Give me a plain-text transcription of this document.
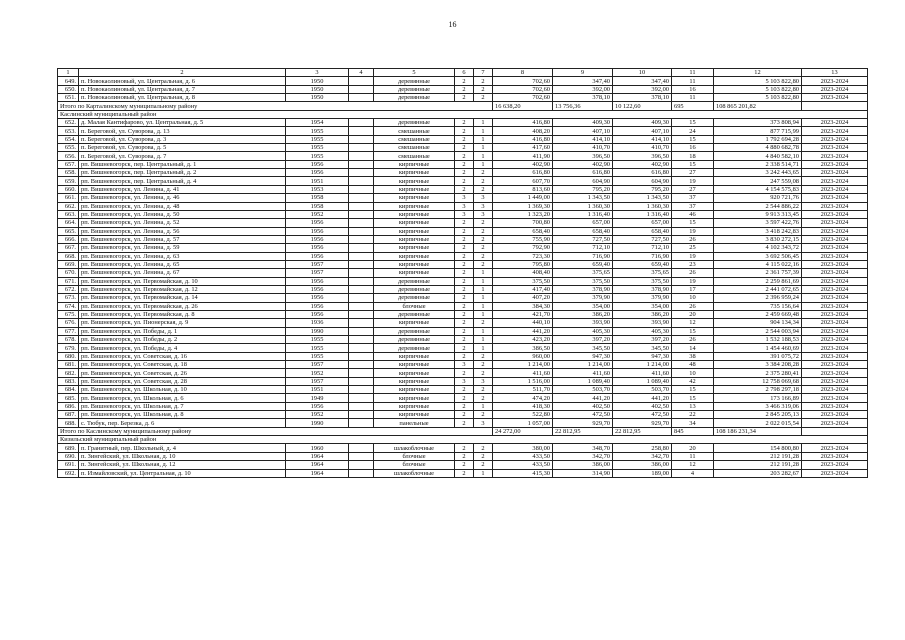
16
1	2	3	4	5	6	7	8	9	10	11	12	13
649.	п. Новокаолиновый, ул. Центральная, д. 6	1950		деревянные	2	2	702,60	347,40	347,40	11	5 103 822,80	2023-2024
650.	п. Новокаолиновый, ул. Центральная, д. 7	1950		деревянные	2	2	702,60	392,00	392,00	16	5 103 822,80	2023-2024
651.	п. Новокаолиновый, ул. Центральная, д. 8	1950		деревянные	2	2	702,60	378,10	378,10	11	5 103 822,80	2023-2024
Итого по Карталинскому муниципальному району							16 638,20	13 756,36	10 122,60	695	108 865 201,82	
Каслинский муниципальный район												
652.	д. Малая Кантифарово, ул. Центральная, д. 5	1954		деревянные	2	1	416,80	409,30	409,30	15	373 808,94	2023-2024
653.	п. Береговой, ул. Суворова, д. 13	1955		смешанные	2	1	408,20	407,10	407,10	24	877 715,99	2023-2024
654.	п. Береговой, ул. Суворова, д. 3	1955		смешанные	2	1	416,80	414,10	414,10	15	1 792 694,28	2023-2024
655.	п. Береговой, ул. Суворова, д. 5	1955		смешанные	2	1	417,60	410,70	410,70	16	4 880 682,78	2023-2024
656.	п. Береговой, ул. Суворова, д. 7	1955		смешанные	2	1	411,90	396,50	396,50	18	4 840 582,10	2023-2024
657.	рп. Вишневогорск, пер. Центральный, д. 1	1956		кирпичные	2	1	402,90	402,90	402,90	15	2 338 514,71	2023-2024
658.	рп. Вишневогорск, пер. Центральный, д. 2	1956		кирпичные	2	2	616,80	616,80	616,80	27	3 242 443,65	2023-2024
659.	рп. Вишневогорск, пер. Центральный, д. 4	1951		кирпичные	2	2	607,70	604,90	604,90	19	247 559,08	2023-2024
660.	рп. Вишневогорск, ул. Ленина, д. 41	1953		кирпичные	2	2	813,60	795,20	795,20	27	4 154 575,83	2023-2024
661.	рп. Вишневогорск, ул. Ленина, д. 46	1958		кирпичные	3	3	1 449,00	1 343,50	1 343,50	37	920 721,76	2023-2024
662.	рп. Вишневогорск, ул. Ленина, д. 48	1958		кирпичные	3	3	1 369,30	1 360,30	1 360,30	37	2 544 886,22	2023-2024
663.	рп. Вишневогорск, ул. Ленина, д. 50	1952		кирпичные	3	3	1 323,20	1 316,40	1 316,40	46	9 913 313,45	2023-2024
664.	рп. Вишневогорск, ул. Ленина, д. 52	1956		кирпичные	2	2	700,80	657,00	657,00	15	3 597 422,76	2023-2024
665.	рп. Вишневогорск, ул. Ленина, д. 56	1956		кирпичные	2	2	658,40	658,40	658,40	19	3 418 242,83	2023-2024
666.	рп. Вишневогорск, ул. Ленина, д. 57	1956		кирпичные	2	2	755,90	727,50	727,50	26	3 830 272,15	2023-2024
667.	рп. Вишневогорск, ул. Ленина, д. 59	1956		кирпичные	2	2	792,90	712,10	712,10	25	4 102 343,72	2023-2024
668.	рп. Вишневогорск, ул. Ленина, д. 63	1956		кирпичные	2	2	723,30	716,90	716,90	19	3 692 506,45	2023-2024
669.	рп. Вишневогорск, ул. Ленина, д. 65	1957		кирпичные	2	2	795,80	659,40	659,40	23	4 115 022,16	2023-2024
670.	рп. Вишневогорск, ул. Ленина, д. 67	1957		кирпичные	2	1	408,40	375,65	375,65	26	2 361 757,39	2023-2024
671.	рп. Вишневогорск, ул. Первомайская, д. 10	1956		деревянные	2	1	375,50	375,50	375,50	19	2 259 861,69	2023-2024
672.	рп. Вишневогорск, ул. Первомайская, д. 12	1956		деревянные	2	1	417,40	378,90	378,90	17	2 441 072,65	2023-2024
673.	рп. Вишневогорск, ул. Первомайская, д. 14	1956		деревянные	2	1	407,20	379,90	379,90	10	2 396 959,24	2023-2024
674.	рп. Вишневогорск, ул. Первомайская, д. 26	1956		блочные	2	1	384,30	354,00	354,00	26	735 156,64	2023-2024
675.	рп. Вишневогорск, ул. Первомайская, д. 8	1956		деревянные	2	1	421,70	386,20	386,20	20	2 459 669,48	2023-2024
676.	рп. Вишневогорск, ул. Пионерская, д. 9	1936		кирпичные	2	2	440,10	393,90	393,90	12	904 134,34	2023-2024
677.	рп. Вишневогорск, ул. Победы, д. 1	1990		деревянные	2	1	441,20	405,30	405,30	15	2 544 003,94	2023-2024
678.	рп. Вишневогорск, ул. Победы, д. 2	1955		деревянные	2	1	423,20	397,20	397,20	26	1 532 188,53	2023-2024
679.	рп. Вишневогорск, ул. Победы, д. 4	1955		деревянные	2	1	386,50	345,50	345,50	14	1 454 460,69	2023-2024
680.	рп. Вишневогорск, ул. Советская, д. 16	1955		кирпичные	2	2	960,00	947,30	947,30	38	391 075,72	2023-2024
681.	рп. Вишневогорск, ул. Советская, д. 18	1957		кирпичные	3	2	1 214,00	1 214,00	1 214,00	48	3 384 208,28	2023-2024
682.	рп. Вишневогорск, ул. Советская, д. 26	1952		кирпичные	2	2	411,60	411,60	411,60	10	2 375 280,41	2023-2024
683.	рп. Вишневогорск, ул. Советская, д. 28	1957		кирпичные	3	3	1 516,00	1 089,40	1 089,40	42	12 758 069,68	2023-2024
684.	рп. Вишневогорск, ул. Школьная, д. 10	1951		кирпичные	2	2	511,70	503,70	503,70	15	2 798 297,18	2023-2024
685.	рп. Вишневогорск, ул. Школьная, д. 6	1949		кирпичные	2	2	474,20	441,20	441,20	15	173 166,89	2023-2024
686.	рп. Вишневогорск, ул. Школьная, д. 7	1956		кирпичные	2	1	418,30	402,50	402,50	13	3 466 319,06	2023-2024
687.	рп. Вишневогорск, ул. Школьная, д. 8	1952		кирпичные	2	2	522,80	472,50	472,50	22	2 845 205,13	2023-2024
688.	с. Тюбук, пер. Березка, д. 6	1990		панельные	2	3	1 057,00	929,70	929,70	34	2 022 015,54	2023-2024
Итого по Каслинскому муниципальному району							24 272,00	22 812,95	22 812,95	845	108 186 231,34	
Кизильский муниципальный район												
689.	п. Гранитный, пер. Школьный, д. 4	1960		шлакоблочные	2	2	380,00	348,70	258,80	20	154 800,80	2023-2024
690.	п. Зингейский, ул. Школьная, д. 10	1964		блочные	2	2	433,50	342,70	342,70	11	212 191,28	2023-2024
691.	п. Зингейский, ул. Школьная, д. 12	1964		блочные	2	2	433,50	386,00	386,00	12	212 191,28	2023-2024
692.	п. Измайловский, ул. Центральная, д. 10	1964		шлакоблочные	2	1	415,30	314,90	189,00	4	203 282,67	2023-2024
